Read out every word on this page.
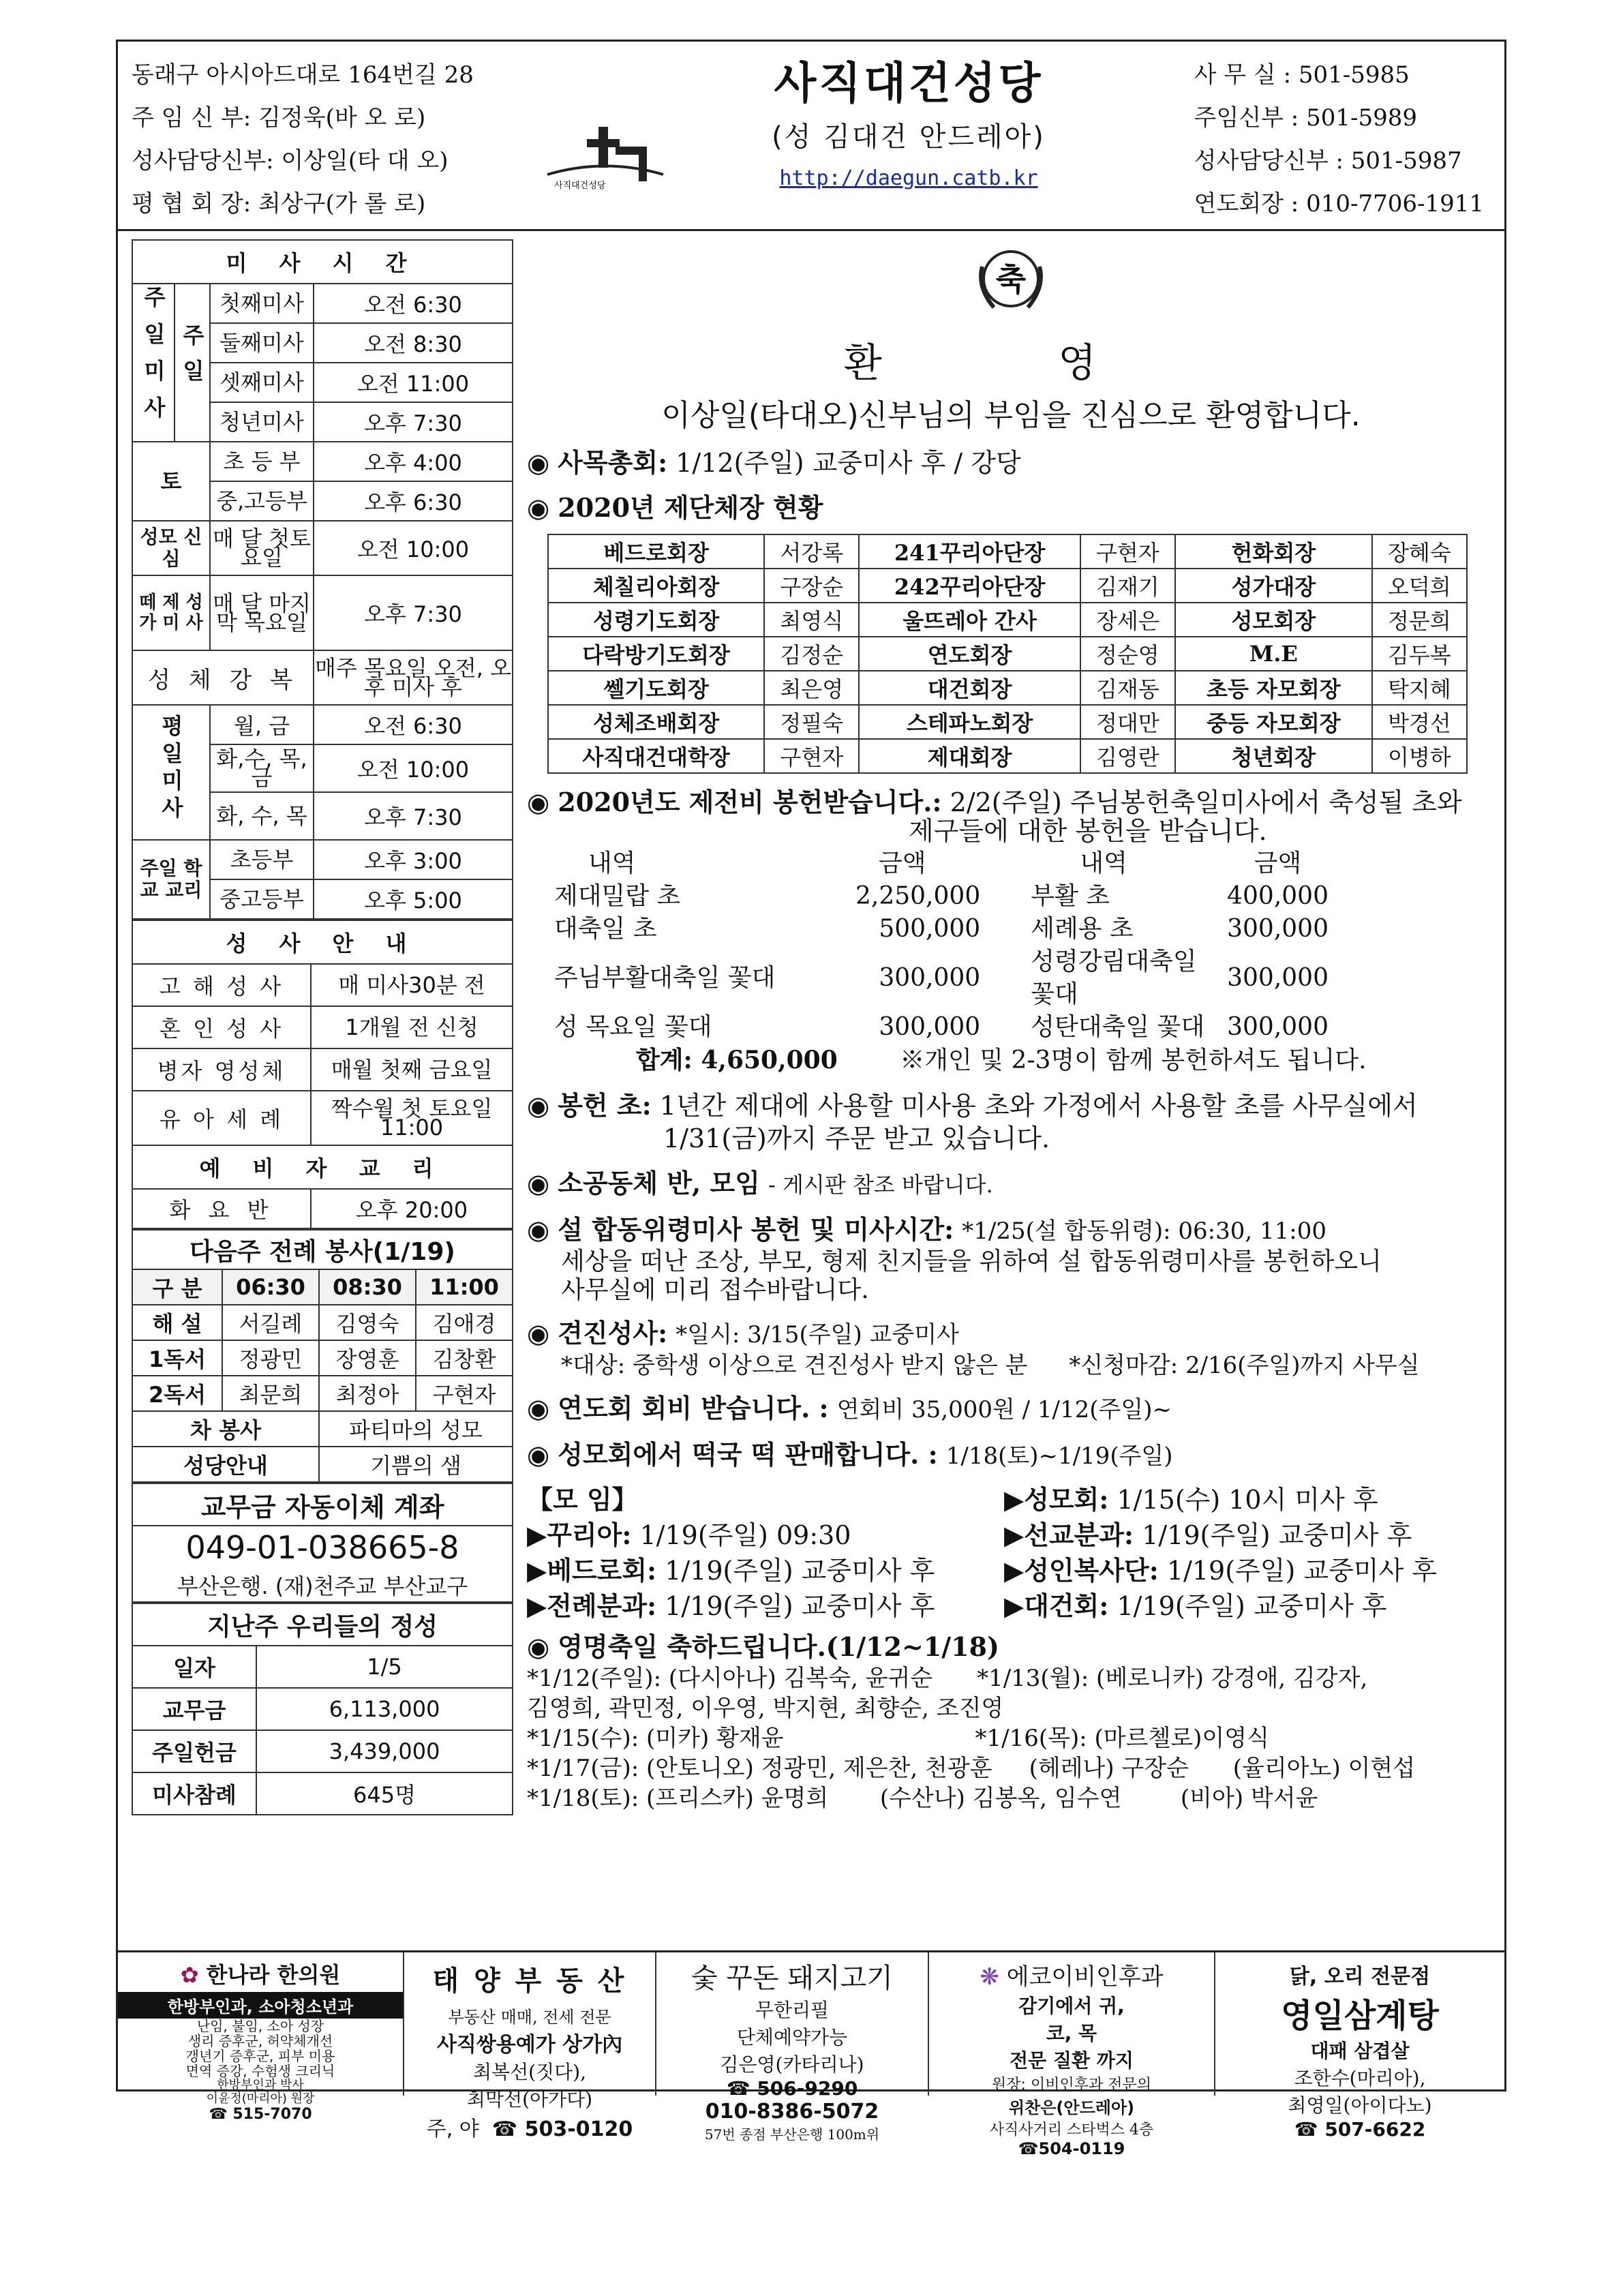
동래구 아시아드대로 164번길 28
주 임 신 부: 김정욱(바 오 로)
성사담당신부: 이상일(타 대 오)
평 협 회 장: 최상구(가 롤 로)
사직대건성당
사직대건성당
(성 김대건 안드레아)
http://daegun.catb.kr
사 무 실 : 501-5985
주임신부 : 501-5989
성사담당신부 : 501-5987
연도회장 : 010-7706-1911
미 사 시 간			
주일미사	주일	첫째미사	오전 6:30
		둘째미사	오전 8:30
		셋째미사	오전 11:00
		청년미사	오후 7:30
토		초 등 부	오후 4:00
		중,고등부	오후 6:30
성모 신심		매 달 첫토요일	오전 10:00
떼 제 성 가 미 사		매 달 마지막 목요일	오후 7:30
성 체 강 복			매주 목요일 오전, 오후 미사 후
평일미사		월, 금	오전 6:30
		화,수, 목,금	오전 10:00
		화, 수, 목	오후 7:30
주일 학교 교리		초등부	오후 3:00
		중고등부	오후 5:00
성 사 안 내	
고 해 성 사	매 미사30분 전
혼 인 성 사	1개월 전 신청
병자 영성체	매월 첫째 금요일
유 아 세 례	짝수월 첫 토요일 11:00
예 비 자 교 리	
화 요 반	오후 20:00
다음주 전례 봉사(1/19)			
구 분	06:30	08:30	11:00
해 설	서길례	김영숙	김애경
1독서	정광민	장영훈	김창환
2독서	최문희	최정아	구현자
차 봉사		파티마의 성모	
성당안내		기쁨의 샘	
교무금 자동이체 계좌
049-01-038665-8
부산은행. (재)천주교 부산교구
지난주 우리들의 정성	
일자	1/5
교무금	6,113,000
주일헌금	3,439,000
미사참례	645명
축
환 영
이상일(타대오)신부님의 부임을 진심으로 환영합니다.
◉ 사목총회: 1/12(주일) 교중미사 후 / 강당
◉ 2020년 제단체장 현황
베드로회장	서강록	241꾸리아단장	구현자	헌화회장	장혜숙
체칠리아회장	구장순	242꾸리아단장	김재기	성가대장	오덕희
성령기도회장	최영식	울뜨레아 간사	장세은	성모회장	정문희
다락방기도회장	김정순	연도회장	정순영	M.E	김두복
쎌기도회장	최은영	대건회장	김재동	초등 자모회장	탁지혜
성체조배회장	정필숙	스테파노회장	정대만	중등 자모회장	박경선
사직대건대학장	구현자	제대회장	김영란	청년회장	이병하
◉ 2020년도 제전비 봉헌받습니다.: 2/2(주일) 주님봉헌축일미사에서 축성될 초와
제구들에 대한 봉헌을 받습니다.
내역	금액	내역	금액
제대밀랍 초	2,250,000	부활 초	400,000
대축일 초	500,000	세례용 초	300,000
주님부활대축일 꽃대	300,000	성령강림대축일 꽃대	300,000
성 목요일 꽃대	300,000	성탄대축일 꽃대	300,000
합계: 4,650,000	※개인 및 2-3명이 함께 봉헌하셔도 됩니다.
◉ 봉헌 초: 1년간 제대에 사용할 미사용 초와 가정에서 사용할 초를 사무실에서
1/31(금)까지 주문 받고 있습니다.
◉ 소공동체 반, 모임 - 게시판 참조 바랍니다.
◉ 설 합동위령미사 봉헌 및 미사시간: *1/25(설 합동위령): 06:30, 11:00
세상을 떠난 조상, 부모, 형제 친지들을 위하여 설 합동위령미사를 봉헌하오니
사무실에 미리 접수바랍니다.
◉ 견진성사: *일시: 3/15(주일) 교중미사
*대상: 중학생 이상으로 견진성사 받지 않은 분 *신청마감: 2/16(주일)까지 사무실
◉ 연도회 회비 받습니다. : 연회비 35,000원 / 1/12(주일)~
◉ 성모회에서 떡국 떡 판매합니다. : 1/18(토)~1/19(주일)
【모 임】	▶성모회: 1/15(수) 10시 미사 후
▶꾸리아: 1/19(주일) 09:30	▶선교분과: 1/19(주일) 교중미사 후
▶베드로회: 1/19(주일) 교중미사 후	▶성인복사단: 1/19(주일) 교중미사 후
▶전례분과: 1/19(주일) 교중미사 후	▶대건회: 1/19(주일) 교중미사 후
◉ 영명축일 축하드립니다.(1/12~1/18)
*1/12(주일): (다시아나) 김복숙, 윤귀순      *1/13(월): (베로니카) 강경애, 김강자,
김영희, 곽민정, 이우영, 박지현, 최향순, 조진영
*1/15(수): (미카) 황재윤                          *1/16(목): (마르첼로)이영식
*1/17(금): (안토니오) 정광민, 제은찬, 천광훈     (헤레나) 구장순      (율리아노) 이현섭
*1/18(토): (프리스카) 윤명희       (수산나) 김봉옥, 임수연        (비아) 박서윤
✿ 한나라 한의원
한방부인과, 소아청소년과
난임, 불임, 소아 성장
생리 증후군, 허약체개선
갱년기 증후군, 피부 미용
면역 증강, 수험생 크리닉
한방부인과 박사
이윤정(마리아) 원장
☎ 515-7070
태 양 부 동 산
부동산 매매, 전세 전문
사직쌍용예가 상가內
최복선(짓다),
최막선(아가다)
주, 야 ☎ 503-0120
숯 꾸돈 돼지고기
무한리필
단체예약가능
김은영(카타리나)
☎ 506-9290
010-8386-5072
57번 종점 부산은행 100m위
❋ 에코이비인후과
감기에서 귀,
코, 목
전문 질환 까지
원장: 이비인후과 전문의
위찬은(안드레아)
사직사거리 스타벅스 4층
☎504-0119
닭, 오리 전문점
영일삼계탕
대패 삼겹살
조한수(마리아),
최영일(아이다노)
☎ 507-6622
